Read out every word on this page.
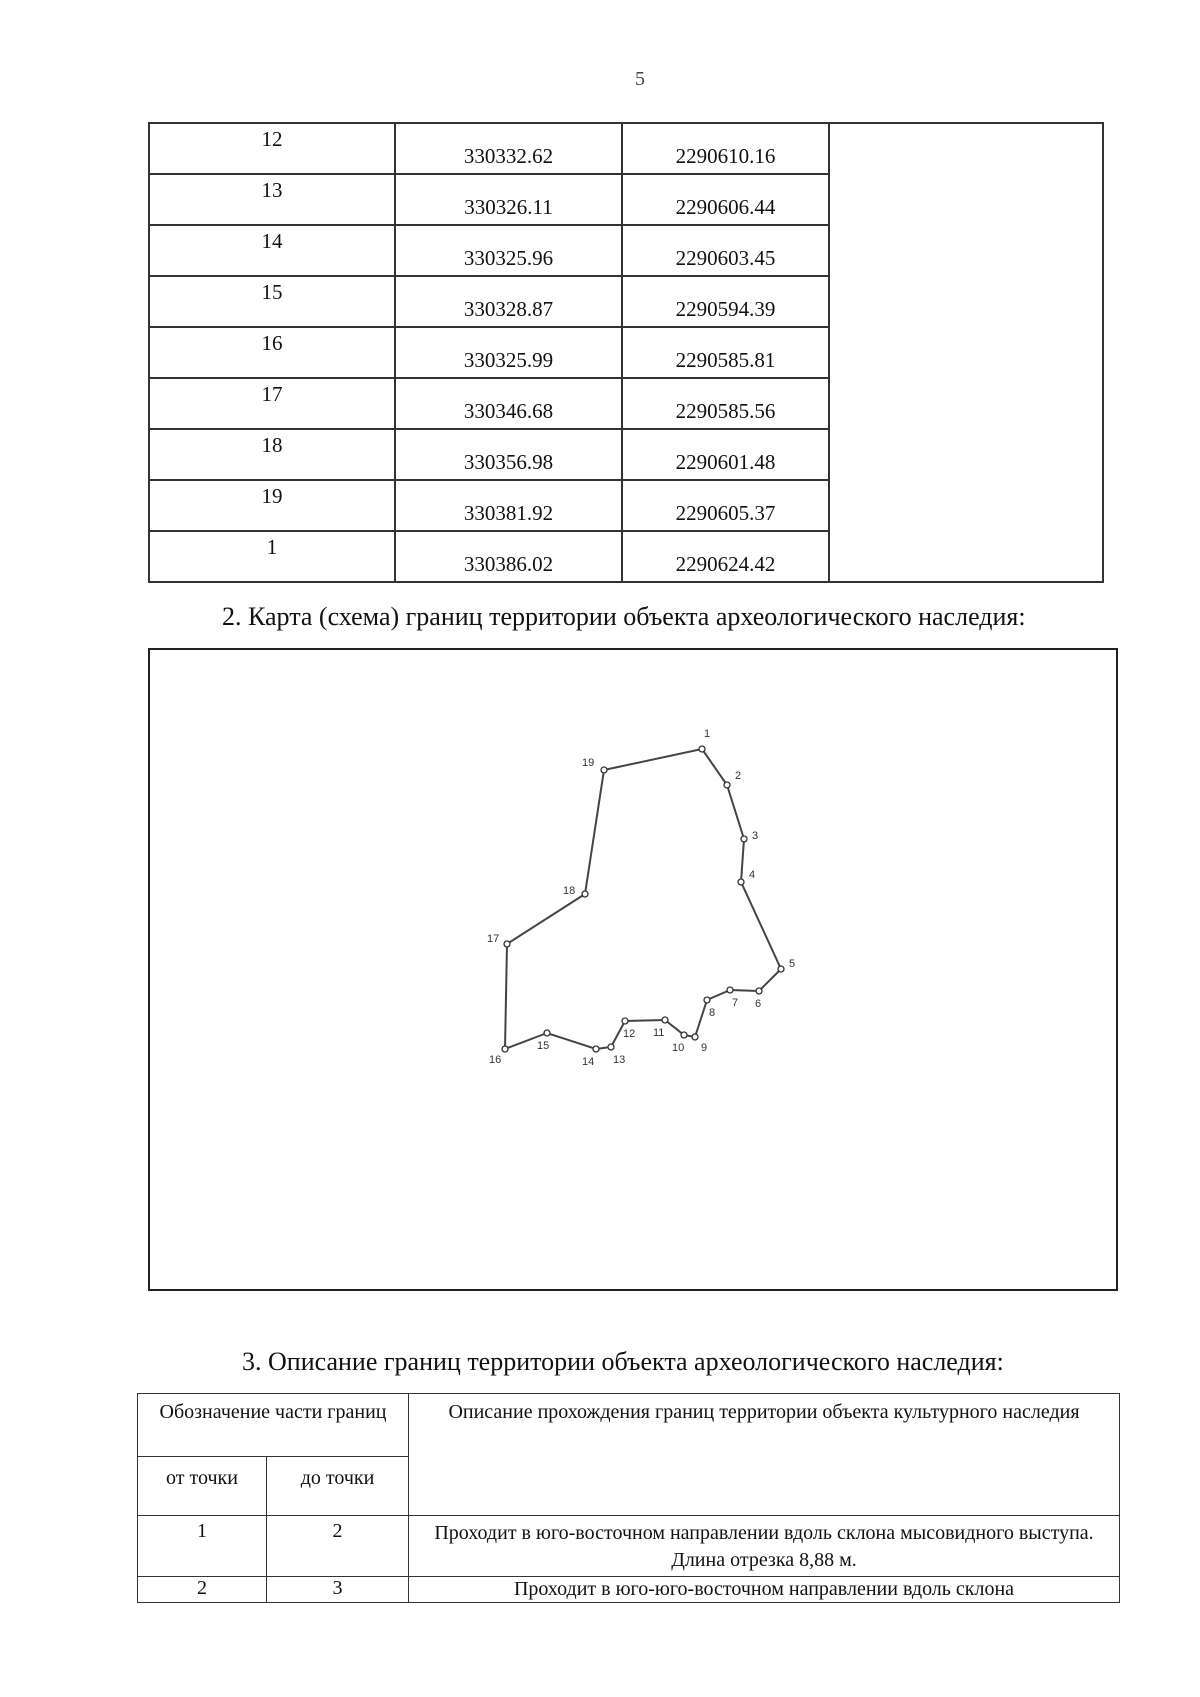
5
12	330332.62	2290610.16	
13	330326.11	2290606.44	
14	330325.96	2290603.45	
15	330328.87	2290594.39	
16	330325.99	2290585.81	
17	330346.68	2290585.56	
18	330356.98	2290601.48	
19	330381.92	2290605.37	
1	330386.02	2290624.42	
2. Карта (схема) границ территории объекта археологического наследия:
1
2
3
4
5
6
7
8
9
10
11
12
13
14
15
16
17
18
19
3. Описание границ территории объекта археологического наследия:
Обозначение части границ		Описание прохождения границ территории объекта культурного наследия
от точки	до точки	
1	2	Проходит в юго-восточном направлении вдоль склона мысовидного выступа. Длина отрезка 8,88 м.
2	3	Проходит в юго-юго-восточном направлении вдоль склона
